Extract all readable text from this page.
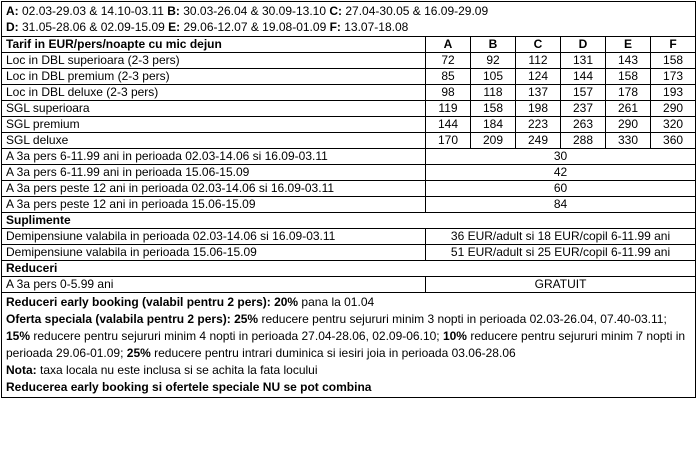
A: 02.03-29.03 & 14.10-03.11 B: 30.03-26.04 & 30.09-13.10 C: 27.04-30.05 & 16.09-29.09
D: 31.05-28.06 & 02.09-15.09 E: 29.06-12.07 & 19.08-01.09 F: 13.07-18.08						

Tarif in EUR/pers/noapte cu mic dejun	A	B	C	D	E	F
Loc in DBL superioara (2-3 pers)	72	92	112	131	143	158
Loc in DBL premium (2-3 pers)	85	105	124	144	158	173
Loc in DBL deluxe (2-3 pers)	98	118	137	157	178	193
SGL superioara	119	158	198	237	261	290
SGL premium	144	184	223	263	290	320
SGL deluxe	170	209	249	288	330	360
A 3a pers 6-11.99 ani in perioada 02.03-14.06 si 16.09-03.11	30					
A 3a pers 6-11.99 ani in perioada 15.06-15.09	42					
A 3a pers peste 12 ani in perioada 02.03-14.06 si 16.09-03.11	60					
A 3a pers peste 12 ani in perioada 15.06-15.09	84					
Suplimente						
Demipensiune valabila in perioada 02.03-14.06 si 16.09-03.11	36 EUR/adult si 18 EUR/copil 6-11.99 ani					
Demipensiune valabila in perioada 15.06-15.09	51 EUR/adult si 25 EUR/copil 6-11.99 ani					
Reduceri						
A 3a pers 0-5.99 ani	GRATUIT					

Reduceri early booking (valabil pentru 2 pers): 20% pana la 01.04
Oferta speciala (valabila pentru 2 pers): 25% reducere pentru sejururi minim 3 nopti in perioada 02.03-26.04, 07.40-03.11; 15% reducere pentru sejururi minim 4 nopti in perioada 27.04-28.06, 02.09-06.10; 10% reducere pentru sejururi minim 7 nopti in perioada 29.06-01.09; 25% reducere pentru intrari duminica si iesiri joia in perioada 03.06-28.06
Nota: taxa locala nu este inclusa si se achita la fata locului
Reducerea early booking si ofertele speciale NU se pot combina						
